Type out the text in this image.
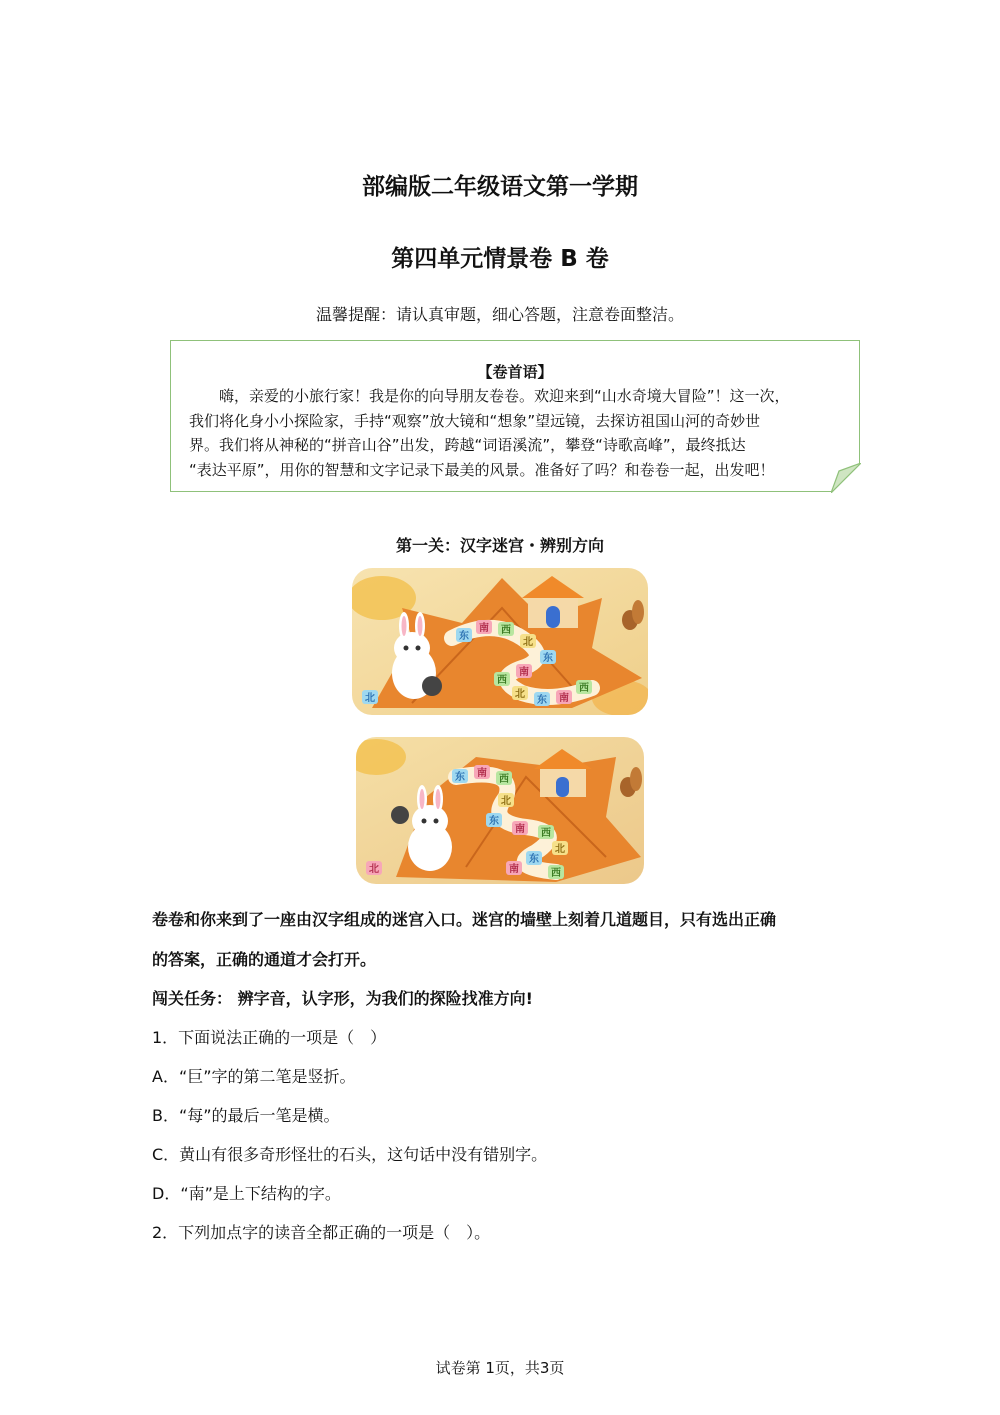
部编版二年级语文第一学期
第四单元情景卷 B 卷
温馨提醒：请认真审题，细心答题，注意卷面整洁。
【卷首语】
　　嗨，亲爱的小旅行家！我是你的向导朋友卷卷。欢迎来到“山水奇境大冒险”！这一次，
我们将化身小小探险家，手持“观察”放大镜和“想象”望远镜，去探访祖国山河的奇妙世
界。我们将从神秘的“拼音山谷”出发，跨越“词语溪流”，攀登“诗歌高峰”，最终抵达
“表达平原”，用你的智慧和文字记录下最美的风景。准备好了吗？和卷卷一起，出发吧！
第一关：汉字迷宫・辨别方向
东
南 西
北
东
南
西
北
东 南
西
北
东 南
西
北
东
南 西
北
东
南	西
北
卷卷和你来到了一座由汉字组成的迷宫入口。迷宫的墙壁上刻着几道题目，只有选出正确
的答案，正确的通道才会打开。
闯关任务： 辨字音，认字形，为我们的探险找准方向!
1．下面说法正确的一项是（　）
A．“巨”字的第二笔是竖折。
B．“每”的最后一笔是横。
C．黄山有很多奇形怪壮的石头，这句话中没有错别字。
D．“南”是上下结构的字。
2．下列加点字的读音全都正确的一项是（　）。
试卷第 1页，共3页
